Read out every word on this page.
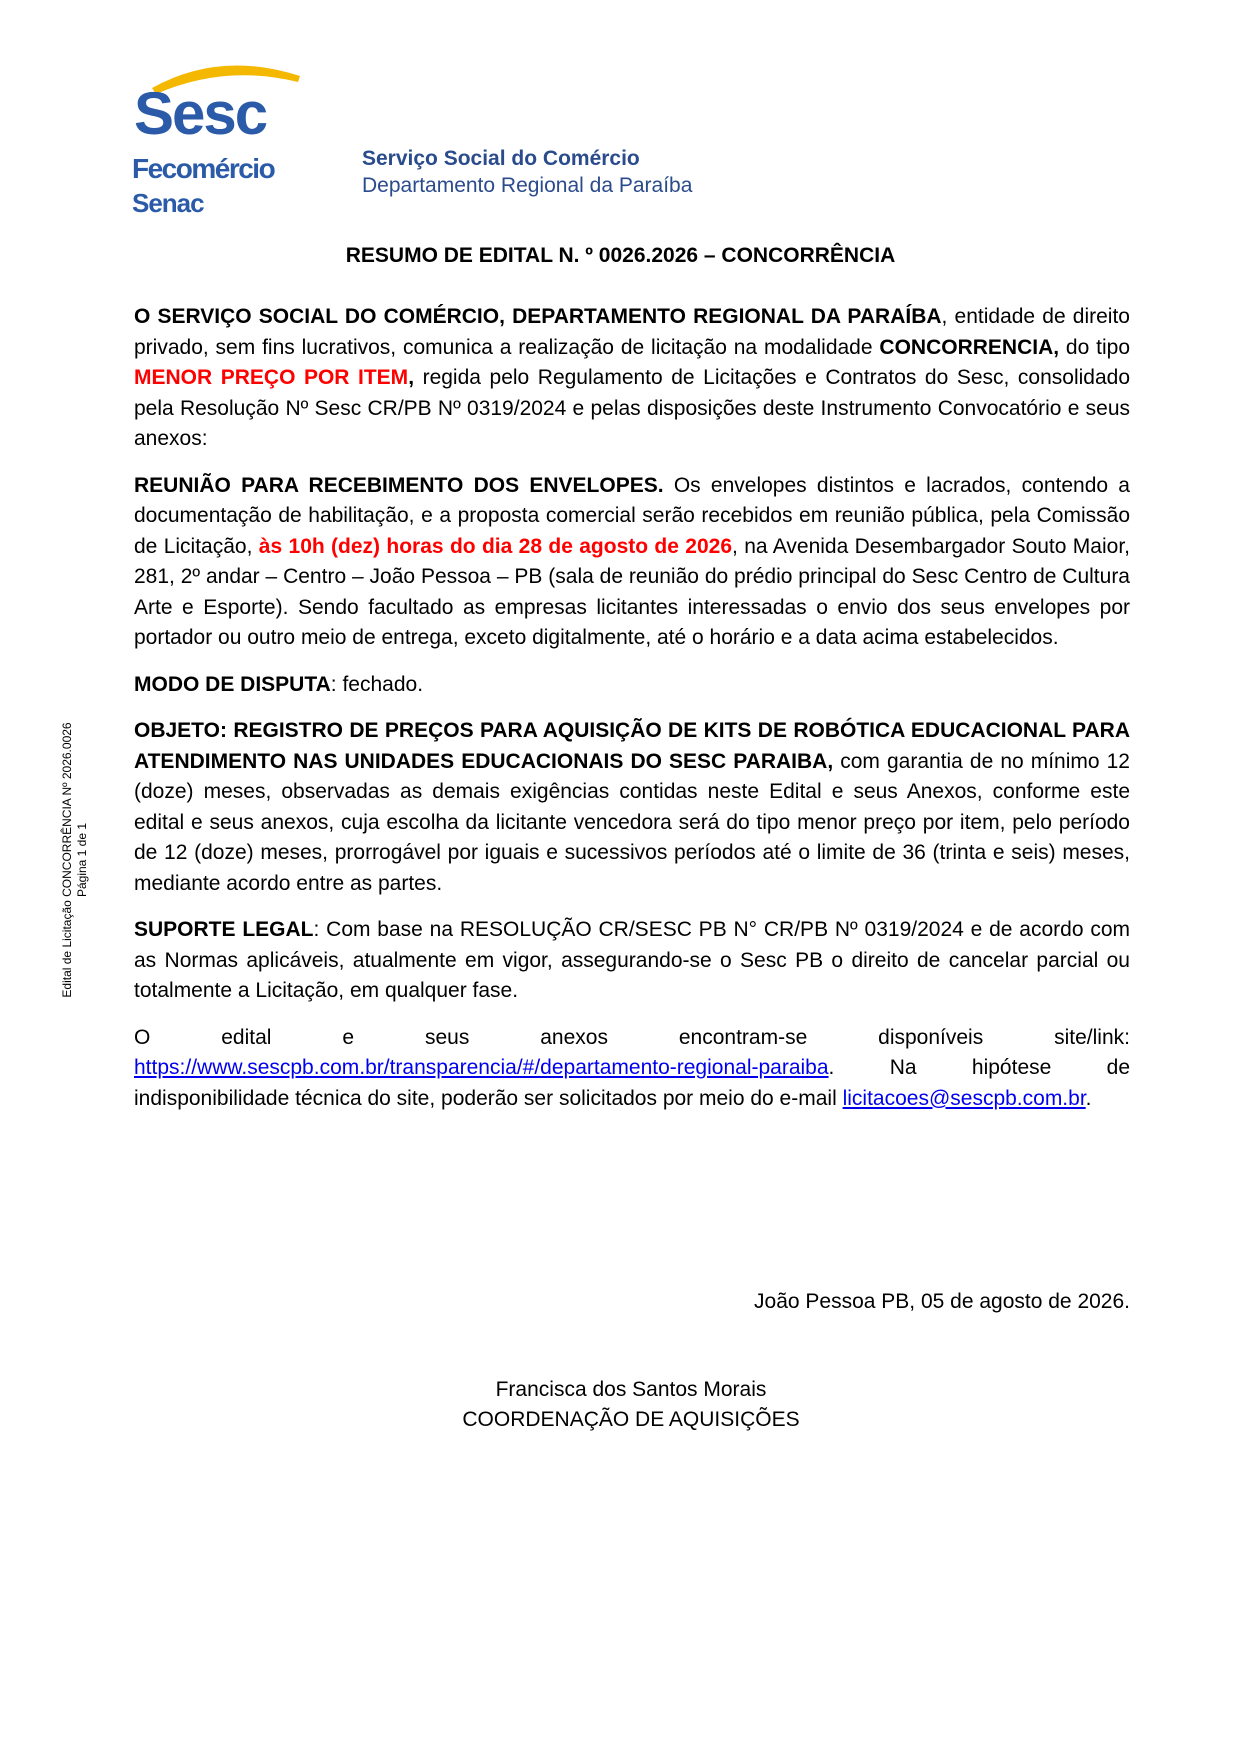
Sesc
Fecomércio
Senac
Serviço Social do Comércio
Departamento Regional da Paraíba
Edital de Licitação CONCORRÊNCIA Nº 2026.0026 Página 1 de 1
RESUMO DE EDITAL N. º 0026.2026 – CONCORRÊNCIA

O SERVIÇO SOCIAL DO COMÉRCIO, DEPARTAMENTO REGIONAL DA PARAÍBA, entidade de direito privado, sem fins lucrativos, comunica a realização de licitação na modalidade CONCORRENCIA, do tipo MENOR PREÇO POR ITEM, regida pelo Regulamento de Licitações e Contratos do Sesc, consolidado pela Resolução Nº Sesc CR/PB Nº 0319/2024 e pelas disposições deste Instrumento Convocatório e seus anexos:

REUNIÃO PARA RECEBIMENTO DOS ENVELOPES. Os envelopes distintos e lacrados, contendo a documentação de habilitação, e a proposta comercial serão recebidos em reunião pública, pela Comissão de Licitação, às 10h (dez) horas do dia 28 de agosto de 2026, na Avenida Desembargador Souto Maior, 281, 2º andar – Centro – João Pessoa – PB (sala de reunião do prédio principal do Sesc Centro de Cultura Arte e Esporte). Sendo facultado as empresas licitantes interessadas o envio dos seus envelopes por portador ou outro meio de entrega, exceto digitalmente, até o horário e a data acima estabelecidos.

MODO DE DISPUTA: fechado.

OBJETO: REGISTRO DE PREÇOS PARA AQUISIÇÃO DE KITS DE ROBÓTICA EDUCACIONAL PARA ATENDIMENTO NAS UNIDADES EDUCACIONAIS DO SESC PARAIBA, com garantia de no mínimo 12 (doze) meses, observadas as demais exigências contidas neste Edital e seus Anexos, conforme este edital e seus anexos, cuja escolha da licitante vencedora será do tipo menor preço por item, pelo período de 12 (doze) meses, prorrogável por iguais e sucessivos períodos até o limite de 36 (trinta e seis) meses, mediante acordo entre as partes.

SUPORTE LEGAL: Com base na RESOLUÇÃO CR/SESC PB N° CR/PB Nº 0319/2024 e de acordo com as Normas aplicáveis, atualmente em vigor, assegurando-se o Sesc PB o direito de cancelar parcial ou totalmente a Licitação, em qualquer fase.

O edital e seus anexos encontram-se disponíveis site/link:
https://www.sescpb.com.br/transparencia/#/departamento-regional-paraiba. Na hipótese de indisponibilidade técnica do site, poderão ser solicitados por meio do e-mail licitacoes@sescpb.com.br.

João Pessoa PB, 05 de agosto de 2026.
Francisca dos Santos Morais
COORDENAÇÃO DE AQUISIÇÕES
